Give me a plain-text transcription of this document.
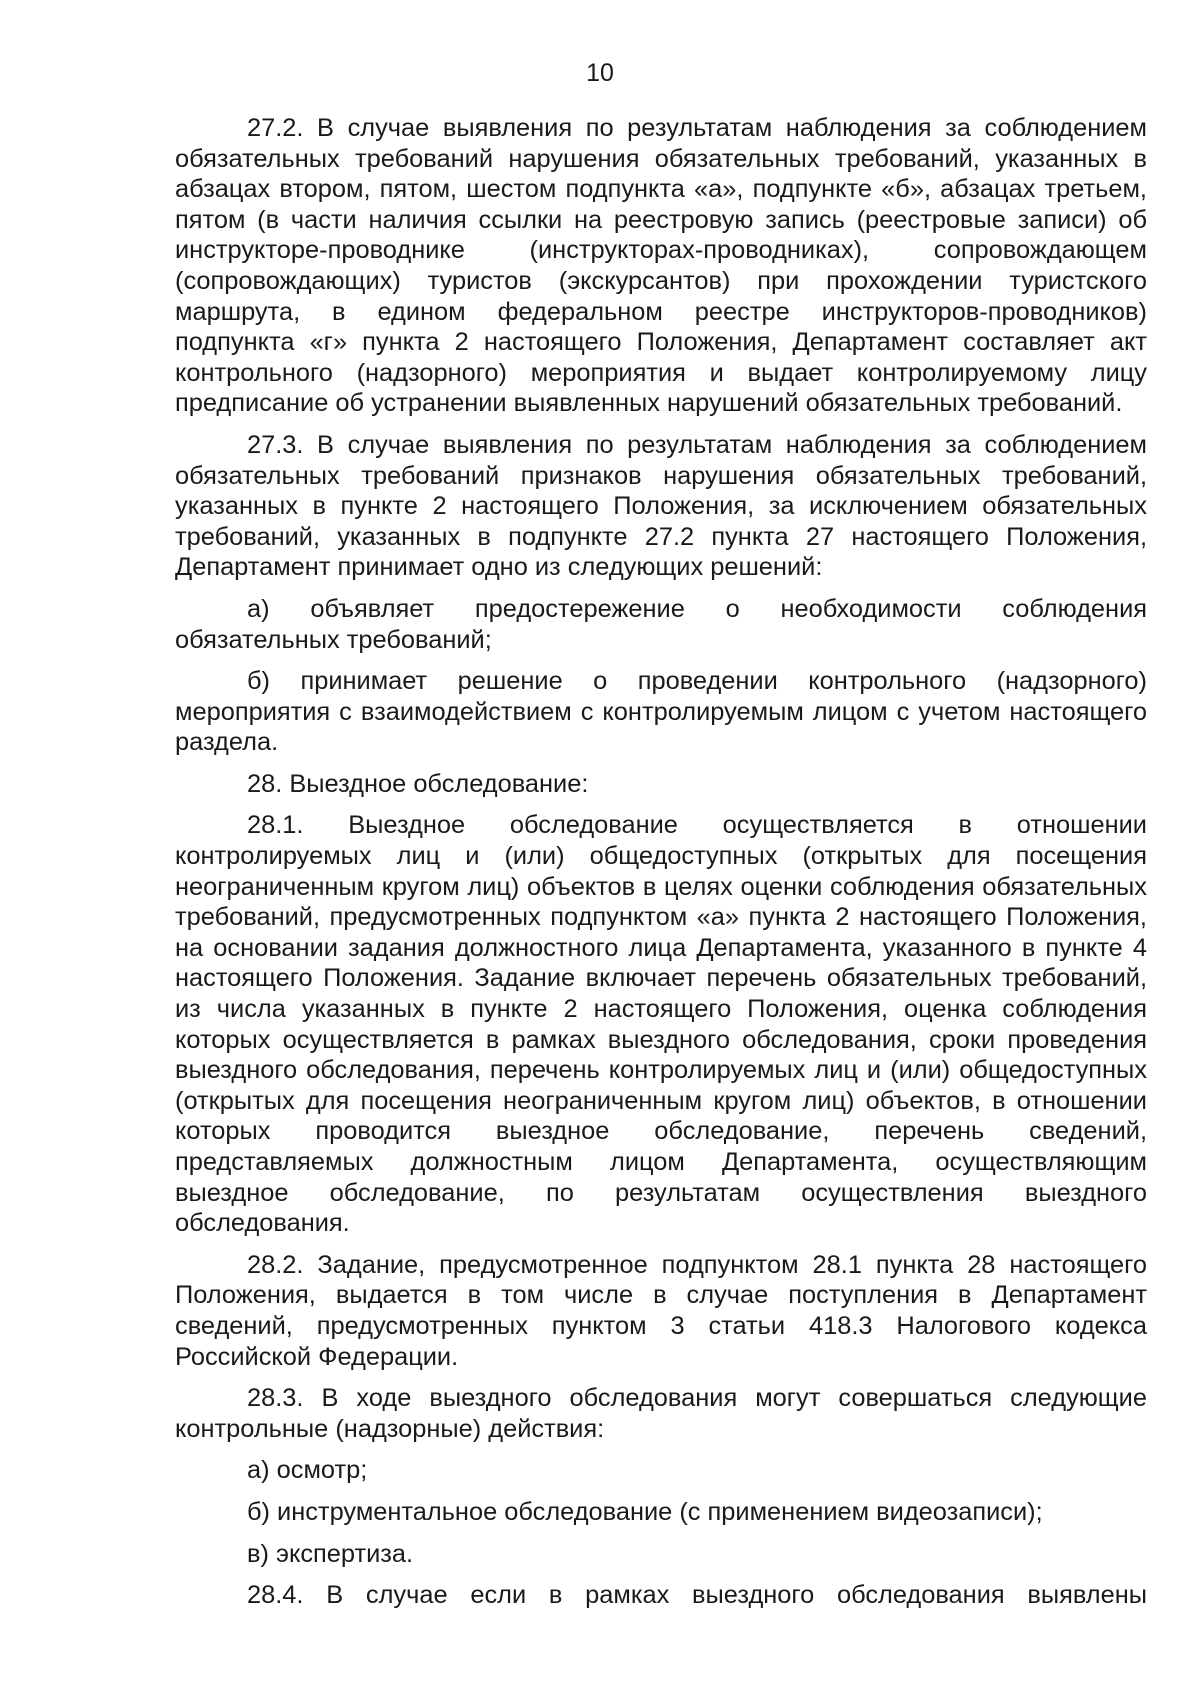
10

27.2. В случае выявления по результатам наблюдения за соблюдением обязательных требований нарушения обязательных требований, указанных в абзацах втором, пятом, шестом подпункта «а», подпункте «б», абзацах третьем, пятом (в части наличия ссылки на реестровую запись (реестровые записи) об инструкторе-проводнике (инструкторах-проводниках), сопровождающем (сопровождающих) туристов (экскурсантов) при прохождении туристского маршрута, в едином федеральном реестре инструкторов-проводников) подпункта «г» пункта 2 настоящего Положения, Департамент составляет акт контрольного (надзорного) мероприятия и выдает контролируемому лицу предписание об устранении выявленных нарушений обязательных требований.

27.3. В случае выявления по результатам наблюдения за соблюдением обязательных требований признаков нарушения обязательных требований, указанных в пункте 2 настоящего Положения, за исключением обязательных требований, указанных в подпункте 27.2 пункта 27 настоящего Положения, Департамент принимает одно из следующих решений:

а) объявляет предостережение о необходимости соблюдения обязательных требований;

б) принимает решение о проведении контрольного (надзорного) мероприятия с взаимодействием с контролируемым лицом с учетом настоящего раздела.

28. Выездное обследование:

28.1. Выездное обследование осуществляется в отношении контролируемых лиц и (или) общедоступных (открытых для посещения неограниченным кругом лиц) объектов в целях оценки соблюдения обязательных требований, предусмотренных подпунктом «а» пункта 2 настоящего Положения, на основании задания должностного лица Департамента, указанного в пункте 4 настоящего Положения. Задание включает перечень обязательных требований, из числа указанных в пункте 2 настоящего Положения, оценка соблюдения которых осуществляется в рамках выездного обследования, сроки проведения выездного обследования, перечень контролируемых лиц и (или) общедоступных (открытых для посещения неограниченным кругом лиц) объектов, в отношении которых проводится выездное обследование, перечень сведений, представляемых должностным лицом Департамента, осуществляющим выездное обследование, по результатам осуществления выездного обследования.

28.2. Задание, предусмотренное подпунктом 28.1 пункта 28 настоящего Положения, выдается в том числе в случае поступления в Департамент сведений, предусмотренных пунктом 3 статьи 418.3 Налогового кодекса Российской Федерации.

28.3. В ходе выездного обследования могут совершаться следующие контрольные (надзорные) действия:

а) осмотр;

б) инструментальное обследование (с применением видеозаписи);

в) экспертиза.

28.4. В случае если в рамках выездного обследования выявлены
